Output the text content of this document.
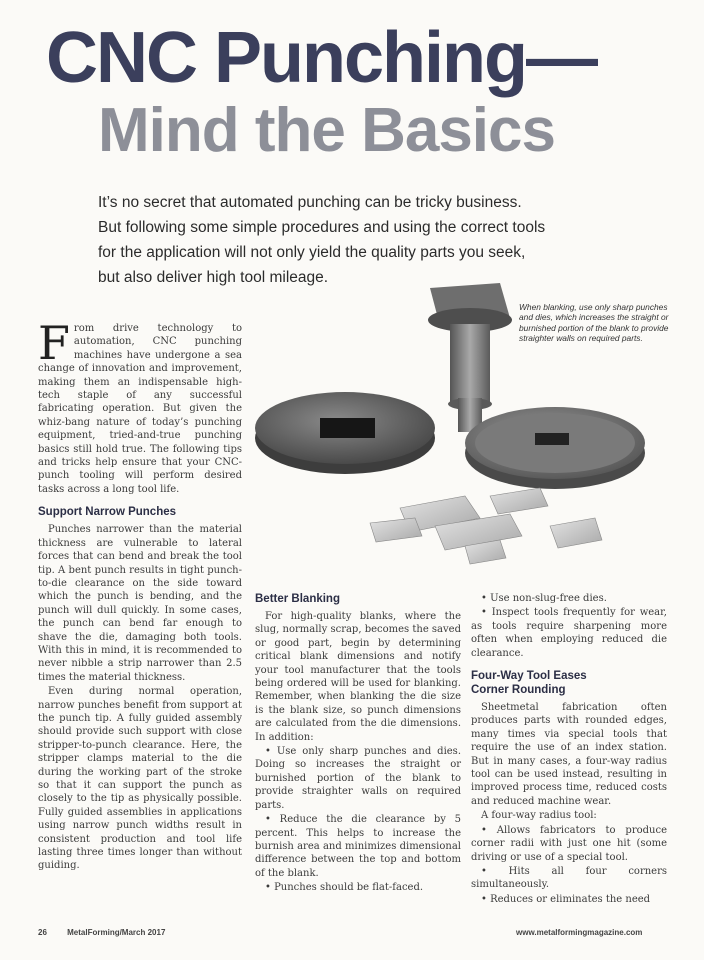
CNC Punching—
Mind the Basics

It’s no secret that automated punching can be tricky business.

But following some simple procedures and using the correct tools

for the application will not only yield the quality parts you seek,

but also deliver high tool mileage.

When blanking, use only sharp punches and dies, which increases the straight or burnished portion of the blank to provide straighter walls on required parts.

F rom drive technology to automation, CNC punching machines have undergone a sea change of innovation and improvement, making them an indispensable high-tech staple of any successful fabricating operation. But given the whiz-bang nature of today’s punching equipment, tried-and-true punching basics still hold true. The following tips and tricks help ensure that your CNC-punch tooling will perform desired tasks across a long tool life.

Support Narrow Punches

Punches narrower than the material thickness are vulnerable to lateral forces that can bend and break the tool tip. A bent punch results in tight punch-to-die clearance on the side toward which the punch is bending, and the punch will dull quickly. In some cases, the punch can bend far enough to shave the die, damaging both tools. With this in mind, it is recommended to never nibble a strip narrower than 2.5 times the material thickness.

Even during normal operation, narrow punches benefit from support at the punch tip. A fully guided assembly should provide such support with close stripper-to-punch clearance. Here, the stripper clamps material to the die during the working part of the stroke so that it can support the punch as closely to the tip as physically possible. Fully guided assemblies in applications using narrow punch widths result in consistent production and tool life lasting three times longer than without guiding.

Better Blanking

For high-quality blanks, where the slug, normally scrap, becomes the saved or good part, begin by determining critical blank dimensions and notify your tool manufacturer that the tools being ordered will be used for blanking. Remember, when blanking the die size is the blank size, so punch dimensions are calculated from the die dimensions. In addition:

• Use only sharp punches and dies. Doing so increases the straight or burnished portion of the blank to provide straighter walls on required parts.

• Reduce the die clearance by 5 percent. This helps to increase the burnish area and minimizes dimensional difference between the top and bottom of the blank.

• Punches should be flat-faced.

• Use non-slug-free dies.

• Inspect tools frequently for wear, as tools require sharpening more often when employing reduced die clearance.

Four-Way Tool Eases
Corner Rounding

Sheetmetal fabrication often produces parts with rounded edges, many times via special tools that require the use of an index station. But in many cases, a four-way radius tool can be used instead, resulting in improved process time, reduced costs and reduced machine wear.

A four-way radius tool:

• Allows fabricators to produce corner radii with just one hit (some driving or use of a special tool.

• Hits all four corners simultaneously.

• Reduces or eliminates the need

26	MetalForming/March 2017	www.metalformingmagazine.com
